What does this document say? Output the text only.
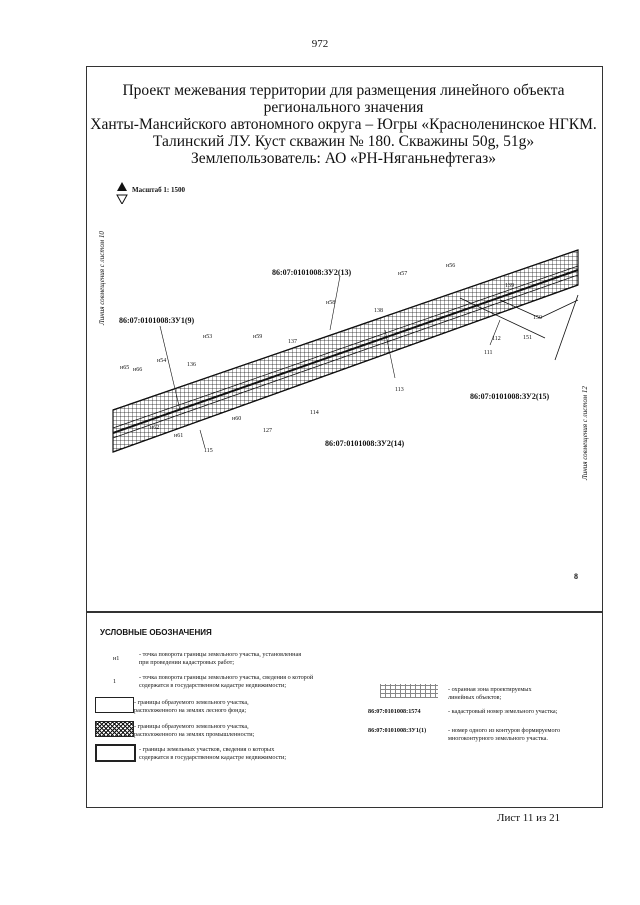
972
Проект межевания территории для размещения линейного объекта
регионального значения
Ханты-Мансийского автономного округа – Югры «Красноленинское НГКМ.
Талинский ЛУ. Куст скважин № 180. Скважины 50g, 51g»
Землепользователь: АО «РН-Няганьнефтегаз»
Масштаб 1: 1500
Линия совмещения с листом 10
Линия совмещения с листом 12
н65 н66
н54
н62
н61
136
н53	н59
н60
115
127
137
114
н58
138
113
н57
н56
139
150
151
112
111
86:07:0101008:ЗУ1(9)
86:07:0101008:ЗУ2(13)
86:07:0101008:ЗУ2(14)
86:07:0101008:ЗУ2(15)
8
УСЛОВНЫЕ ОБОЗНАЧЕНИЯ
н1
- точка поворота границы земельного участка, установленная
при проведении кадастровых работ;
1
- точка поворота границы земельного участка, сведения о которой
содержатся в государственном кадастре недвижимости;
- границы образуемого земельного участка,
расположенного на землях лесного фонда;
- границы образуемого земельного участка,
расположенного на землях промышленности;
- границы земельных участков, сведения о которых
содержатся в государственном кадастре недвижимости;
- охранная зона проектируемых
линейных объектов;
86:07:0101008:1574	- кадастровый номер земельного участка;
86:07:0101008:ЗУ1(1)	- номер одного из контуров формируемого
многоконтурного земельного участка.
Лист 11 из 21
